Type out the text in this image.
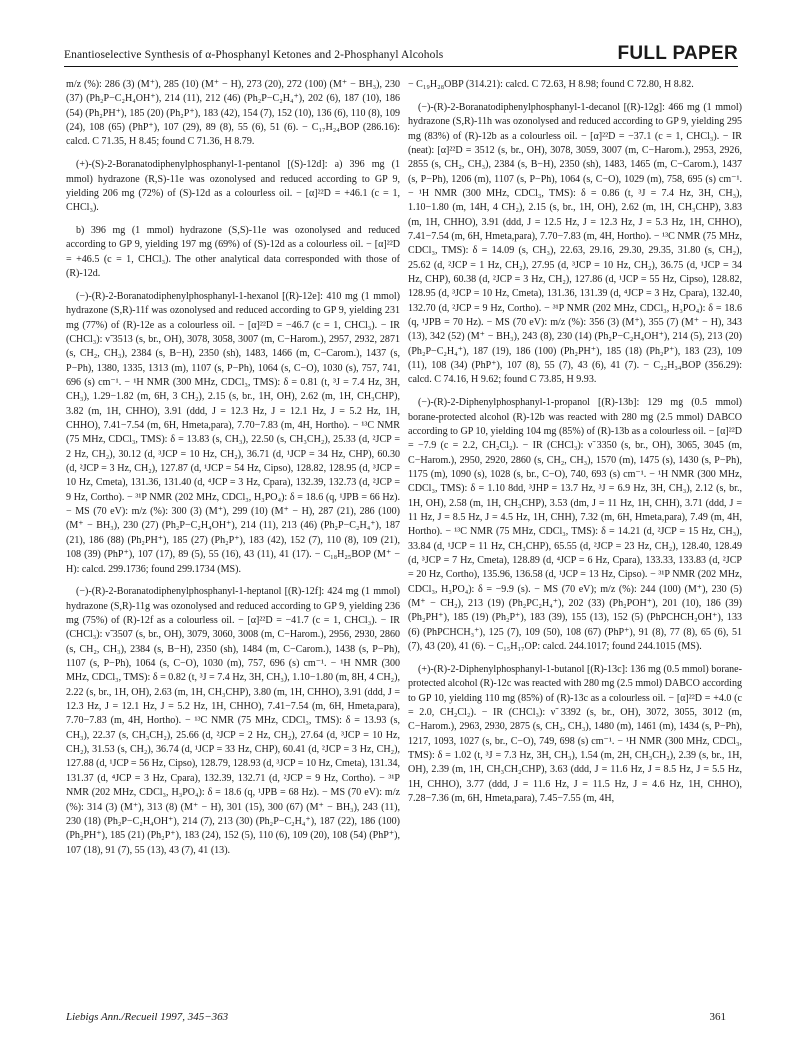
Enantioselective Synthesis of α-Phosphanyl Ketones and 2-Phosphanyl Alcohols	FULL PAPER

m/z (%): 286 (3) (M⁺), 285 (10) (M⁺ − H), 273 (20), 272 (100) (M⁺ − BH₃), 230 (37) (Ph₂P−C₂H₄OH⁺), 214 (11), 212 (46) (Ph₂P−C₂H₄⁺), 202 (6), 187 (10), 186 (54) (Ph₂PH⁺), 185 (20) (Ph₂P⁺), 183 (42), 154 (7), 152 (10), 136 (6), 110 (8), 109 (24), 108 (65) (PhP⁺), 107 (29), 89 (8), 55 (6), 51 (6). − C₁₇H₂₄BOP (286.16): calcd. C 71.35, H 8.45; found C 71.36, H 8.79.

(+)-(S)-2-Boranatodiphenylphosphanyl-1-pentanol [(S)-12d]: a) 396 mg (1 mmol) hydrazone (R,S)-11e was ozonolysed and reduced according to GP 9, yielding 206 mg (72%) of (S)-12d as a colourless oil. − [α]²²D = +46.1 (c = 1, CHCl₃).

b) 396 mg (1 mmol) hydrazone (S,S)-11e was ozonolysed and reduced according to GP 9, yielding 197 mg (69%) of (S)-12d as a colourless oil. − [α]²²D = +46.5 (c = 1, CHCl₃). The other analytical data corresponded with those of (R)-12d.

(−)-(R)-2-Boranatodiphenylphosphanyl-1-hexanol [(R)-12e]: 410 mg (1 mmol) hydrazone (S,R)-11f was ozonolysed and reduced according to GP 9, yielding 231 mg (77%) of (R)-12e as a colourless oil. − [α]²²D = −46.7 (c = 1, CHCl₃). − IR (CHCl₃): ν̃ 3513 (s, br., OH), 3078, 3058, 3007 (m, C−Harom.), 2957, 2932, 2871 (s, CH₂, CH₃), 2384 (s, B−H), 2350 (sh), 1483, 1466 (m, C−Carom.), 1437 (s, P−Ph), 1380, 1335, 1313 (m), 1107 (s, P−Ph), 1064 (s, C−O), 1030 (s), 757, 741, 696 (s) cm⁻¹. − ¹H NMR (300 MHz, CDCl₃, TMS): δ = 0.81 (t, ³J = 7.4 Hz, 3H, CH₃), 1.29−1.82 (m, 6H, 3 CH₂), 2.15 (s, br., 1H, OH), 2.62 (m, 1H, CH₃CHP), 3.82 (m, 1H, CHHO), 3.91 (ddd, J = 12.3 Hz, J = 12.1 Hz, J = 5.2 Hz, 1H, CHHO), 7.41−7.54 (m, 6H, Hmeta,para), 7.70−7.83 (m, 4H, Hortho). − ¹³C NMR (75 MHz, CDCl₃, TMS): δ = 13.83 (s, CH₃), 22.50 (s, CH₃CH₂), 25.33 (d, ²JCP = 2 Hz, CH₂), 30.12 (d, ³JCP = 10 Hz, CH₂), 36.71 (d, ¹JCP = 34 Hz, CHP), 60.30 (d, ²JCP = 3 Hz, CH₂), 127.87 (d, ¹JCP = 54 Hz, Cipso), 128.82, 128.95 (d, ³JCP = 10 Hz, Cmeta), 131.36, 131.40 (d, ⁴JCP = 3 Hz, Cpara), 132.39, 132.73 (d, ²JCP = 9 Hz, Cortho). − ³¹P NMR (202 MHz, CDCl₃, H₃PO₄): δ = 18.6 (q, ¹JPB = 66 Hz). − MS (70 eV): m/z (%): 300 (3) (M⁺), 299 (10) (M⁺ − H), 287 (21), 286 (100) (M⁺ − BH₃), 230 (27) (Ph₂P−C₂H₄OH⁺), 214 (11), 213 (46) (Ph₂P−C₂H₄⁺), 187 (21), 186 (88) (Ph₂PH⁺), 185 (27) (Ph₂P⁺), 183 (42), 152 (7), 110 (8), 109 (21), 108 (39) (PhP⁺), 107 (17), 89 (5), 55 (16), 43 (11), 41 (17). − C₁₈H₂₅BOP (M⁺ − H): calcd. 299.1736; found 299.1734 (MS).

(−)-(R)-2-Boranatodiphenylphosphanyl-1-heptanol [(R)-12f]: 424 mg (1 mmol) hydrazone (S,R)-11g was ozonolysed and reduced according to GP 9, yielding 236 mg (75%) of (R)-12f as a colourless oil. − [α]²²D = −41.7 (c = 1, CHCl₃). − IR (CHCl₃): ν̃ 3507 (s, br., OH), 3079, 3060, 3008 (m, C−Harom.), 2956, 2930, 2860 (s, CH₂, CH₃), 2384 (s, B−H), 2350 (sh), 1484 (m, C−Carom.), 1438 (s, P−Ph), 1107 (s, P−Ph), 1064 (s, C−O), 1030 (m), 757, 696 (s) cm⁻¹. − ¹H NMR (300 MHz, CDCl₃, TMS): δ = 0.82 (t, ³J = 7.4 Hz, 3H, CH₃), 1.10−1.80 (m, 8H, 4 CH₂), 2.22 (s, br., 1H, OH), 2.63 (m, 1H, CH₃CHP), 3.80 (m, 1H, CHHO), 3.91 (ddd, J = 12.3 Hz, J = 12.1 Hz, J = 5.2 Hz, 1H, CHHO), 7.41−7.54 (m, 6H, Hmeta,para), 7.70−7.83 (m, 4H, Hortho). − ¹³C NMR (75 MHz, CDCl₃, TMS): δ = 13.93 (s, CH₃), 22.37 (s, CH₃CH₂), 25.66 (d, ²JCP = 2 Hz, CH₂), 27.64 (d, ³JCP = 10 Hz, CH₂), 31.53 (s, CH₂), 36.74 (d, ¹JCP = 33 Hz, CHP), 60.41 (d, ²JCP = 3 Hz, CH₂), 127.88 (d, ¹JCP = 56 Hz, Cipso), 128.79, 128.93 (d, ³JCP = 10 Hz, Cmeta), 131.34, 131.37 (d, ⁴JCP = 3 Hz, Cpara), 132.39, 132.71 (d, ²JCP = 9 Hz, Cortho). − ³¹P NMR (202 MHz, CDCl₃, H₃PO₄): δ = 18.6 (q, ¹JPB = 68 Hz). − MS (70 eV): m/z (%): 314 (3) (M⁺), 313 (8) (M⁺ − H), 301 (15), 300 (67) (M⁺ − BH₃), 243 (11), 230 (18) (Ph₂P−C₂H₄OH⁺), 214 (7), 213 (30) (Ph₂P−C₂H₄⁺), 187 (22), 186 (100) (Ph₂PH⁺), 185 (21) (Ph₂P⁺), 183 (24), 152 (5), 110 (6), 109 (20), 108 (54) (PhP⁺), 107 (18), 91 (7), 55 (13), 43 (7), 41 (13).

− C₁₉H₂₈OBP (314.21): calcd. C 72.63, H 8.98; found C 72.80, H 8.82.

(−)-(R)-2-Boranatodiphenylphosphanyl-1-decanol [(R)-12g]: 466 mg (1 mmol) hydrazone (S,R)-11h was ozonolysed and reduced according to GP 9, yielding 295 mg (83%) of (R)-12b as a colourless oil. − [α]²²D = −37.1 (c = 1, CHCl₃). − IR (neat): [α]²²D = 3512 (s, br., OH), 3078, 3059, 3007 (m, C−Harom.), 2953, 2926, 2855 (s, CH₂, CH₃), 2384 (s, B−H), 2350 (sh), 1483, 1465 (m, C−Carom.), 1437 (s, P−Ph), 1206 (m), 1107 (s, P−Ph), 1064 (s, C−O), 1029 (m), 758, 695 (s) cm⁻¹. − ¹H NMR (300 MHz, CDCl₃, TMS): δ = 0.86 (t, ³J = 7.4 Hz, 3H, CH₃), 1.10−1.80 (m, 14H, 4 CH₂), 2.15 (s, br., 1H, OH), 2.62 (m, 1H, CH₃CHP), 3.83 (m, 1H, CHHO), 3.91 (ddd, J = 12.5 Hz, J = 12.3 Hz, J = 5.3 Hz, 1H, CHHO), 7.41−7.54 (m, 6H, Hmeta,para), 7.70−7.83 (m, 4H, Hortho). − ¹³C NMR (75 MHz, CDCl₃, TMS): δ = 14.09 (s, CH₃), 22.63, 29.16, 29.30, 29.35, 31.80 (s, CH₂), 25.62 (d, ²JCP = 1 Hz, CH₂), 27.95 (d, ³JCP = 10 Hz, CH₂), 36.75 (d, ¹JCP = 34 Hz, CHP), 60.38 (d, ²JCP = 3 Hz, CH₂), 127.86 (d, ¹JCP = 55 Hz, Cipso), 128.82, 128.95 (d, ³JCP = 10 Hz, Cmeta), 131.36, 131.39 (d, ⁴JCP = 3 Hz, Cpara), 132.40, 132.70 (d, ²JCP = 9 Hz, Cortho). − ³¹P NMR (202 MHz, CDCl₃, H₃PO₄): δ = 18.6 (q, ¹JPB = 70 Hz). − MS (70 eV): m/z (%): 356 (3) (M⁺), 355 (7) (M⁺ − H), 343 (13), 342 (52) (M⁺ − BH₃), 243 (8), 230 (14) (Ph₂P−C₂H₄OH⁺), 214 (5), 213 (20) (Ph₂P−C₂H₄⁺), 187 (19), 186 (100) (Ph₂PH⁺), 185 (18) (Ph₂P⁺), 183 (23), 109 (11), 108 (34) (PhP⁺), 107 (8), 55 (7), 43 (6), 41 (7). − C₂₂H₃₄BOP (356.29): calcd. C 74.16, H 9.62; found C 73.85, H 9.93.

(−)-(R)-2-Diphenylphosphanyl-1-propanol [(R)-13b]: 129 mg (0.5 mmol) borane-protected alcohol (R)-12b was reacted with 280 mg (2.5 mmol) DABCO according to GP 10, yielding 104 mg (85%) of (R)-13b as a colourless oil. − [α]²²D = −7.9 (c = 2.2, CH₂Cl₂). − IR (CHCl₃): ν̃ 3350 (s, br., OH), 3065, 3045 (m, C−Harom.), 2950, 2920, 2860 (s, CH₂, CH₃), 1570 (m), 1475 (s), 1430 (s, P−Ph), 1175 (m), 1090 (s), 1028 (s, br., C−O), 740, 693 (s) cm⁻¹. − ¹H NMR (300 MHz, CDCl₃, TMS): δ = 1.10 8dd, ³JHP = 13.7 Hz, ³J = 6.9 Hz, 3H, CH₃), 2.12 (s, br., 1H, OH), 2.58 (m, 1H, CH₃CHP), 3.53 (dm, J = 11 Hz, 1H, CHH), 3.71 (ddd, J = 11 Hz, J = 8.5 Hz, J = 4.5 Hz, 1H, CHH), 7.32 (m, 6H, Hmeta,para), 7.49 (m, 4H, Hortho). − ¹³C NMR (75 MHz, CDCl₃, TMS): δ = 14.21 (d, ²JCP = 15 Hz, CH₃), 33.84 (d, ¹JCP = 11 Hz, CH₃CHP), 65.55 (d, ²JCP = 23 Hz, CH₂), 128.40, 128.49 (d, ³JCP = 7 Hz, Cmeta), 128.89 (d, ⁴JCP = 6 Hz, Cpara), 133.33, 133.83 (d, ²JCP = 20 Hz, Cortho), 135.96, 136.58 (d, ¹JCP = 13 Hz, Cipso). − ³¹P NMR (202 MHz, CDCl₃, H₃PO₄): δ = −9.9 (s). − MS (70 eV); m/z (%): 244 (100) (M⁺), 230 (5) (M⁺ − CH₂), 213 (19) (Ph₂PC₂H₄⁺), 202 (33) (Ph₂POH⁺), 201 (10), 186 (39) (Ph₂PH⁺), 185 (19) (Ph₂P⁺), 183 (39), 155 (13), 152 (5) (PhPCHCH₂OH⁺), 133 (6) (PhPCHCH₃⁺), 125 (7), 109 (50), 108 (67) (PhP⁺), 91 (8), 77 (8), 65 (6), 51 (7), 43 (20), 41 (6). − C₁₅H₁₇OP: calcd. 244.1017; found 244.1015 (MS).

(+)-(R)-2-Diphenylphosphanyl-1-butanol [(R)-13c]: 136 mg (0.5 mmol) borane-protected alcohol (R)-12c was reacted with 280 mg (2.5 mmol) DABCO according to GP 10, yielding 110 mg (85%) of (R)-13c as a colourless oil. − [α]²²D = +4.0 (c = 2.0, CH₂Cl₂). − IR (CHCl₃): ν̃ 3392 (s, br., OH), 3072, 3055, 3012 (m, C−Harom.), 2963, 2930, 2875 (s, CH₂, CH₃), 1480 (m), 1461 (m), 1434 (s, P−Ph), 1217, 1093, 1027 (s, br., C−O), 749, 698 (s) cm⁻¹. − ¹H NMR (300 MHz, CDCl₃, TMS): δ = 1.02 (t, ³J = 7.3 Hz, 3H, CH₃), 1.54 (m, 2H, CH₃CH₂), 2.39 (s, br., 1H, OH), 2.39 (m, 1H, CH₃CH₂CHP), 3.63 (ddd, J = 11.6 Hz, J = 8.5 Hz, J = 5.5 Hz, 1H, CHHO), 3.77 (ddd, J = 11.6 Hz, J = 11.5 Hz, J = 4.6 Hz, 1H, CHHO), 7.28−7.36 (m, 6H, Hmeta,para), 7.45−7.55 (m, 4H,

Liebigs Ann./Recueil 1997, 345−363	361
